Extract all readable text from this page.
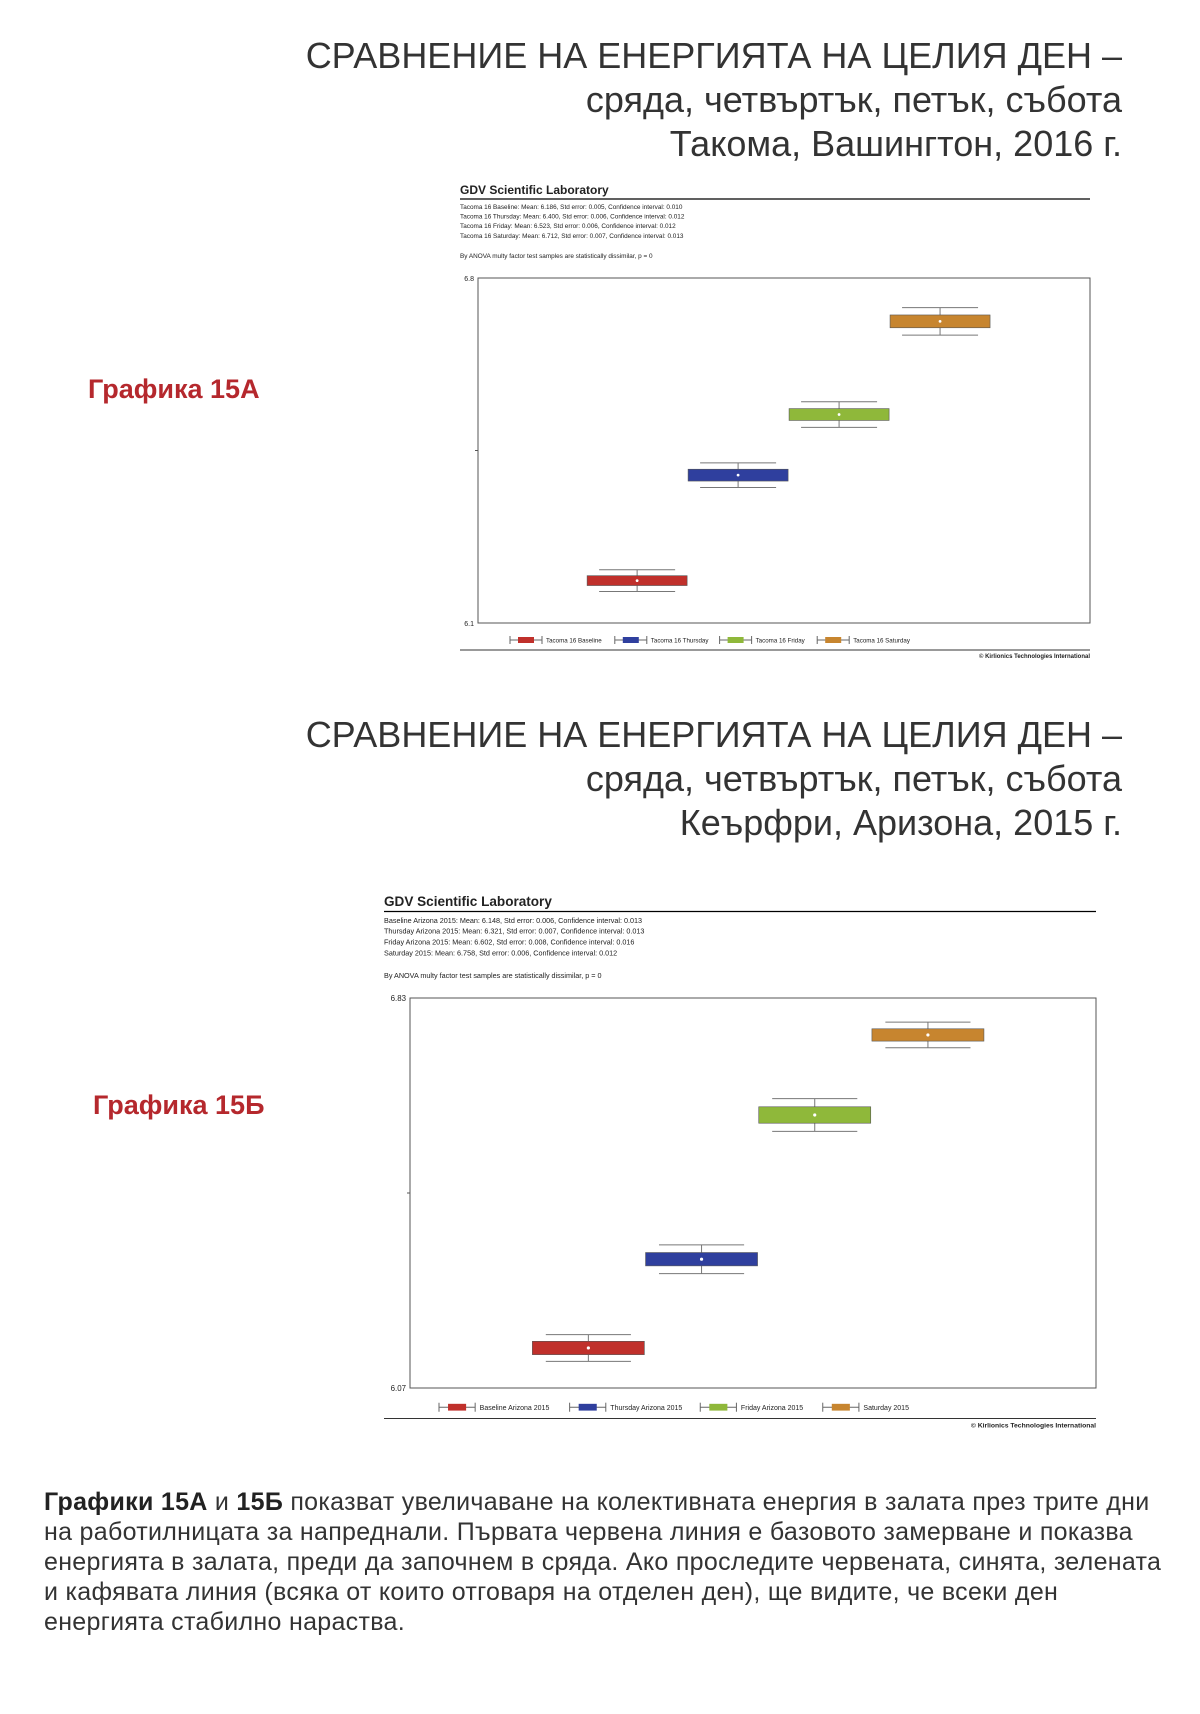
СРАВНЕНИЕ НА ЕНЕРГИЯТА НА ЦЕЛИЯ ДЕН –
сряда, четвъртък, петък, събота
Такома, Вашингтон, 2016 г.
Графика 15А
GDV Scientific Laboratory
Tacoma 16 Baseline: Mean: 6.186, Std error: 0.005, Confidence interval: 0.010
Tacoma 16 Thursday: Mean: 6.400, Std error: 0.006, Confidence interval: 0.012
Tacoma 16 Friday: Mean: 6.523, Std error: 0.006, Confidence interval: 0.012
Tacoma 16 Saturday: Mean: 6.712, Std error: 0.007, Confidence interval: 0.013
By ANOVA multy factor test samples are statistically dissimilar, p = 0
6.8
6.1
Tacoma 16 Baseline	Tacoma 16 Thursday	Tacoma 16 Friday	Tacoma 16 Saturday
© Kirlionics Technologies International
СРАВНЕНИЕ НА ЕНЕРГИЯТА НА ЦЕЛИЯ ДЕН –
сряда, четвъртък, петък, събота
Кеърфри, Аризона, 2015 г.
Графика 15Б
GDV Scientific Laboratory
Baseline Arizona 2015: Mean: 6.148, Std error: 0.006, Confidence interval: 0.013
Thursday Arizona 2015: Mean: 6.321, Std error: 0.007, Confidence interval: 0.013
Friday Arizona 2015: Mean: 6.602, Std error: 0.008, Confidence interval: 0.016
Saturday 2015: Mean: 6.758, Std error: 0.006, Confidence interval: 0.012
By ANOVA multy factor test samples are statistically dissimilar, p = 0
6.83
6.07
Baseline Arizona 2015	Thursday Arizona 2015	Friday Arizona 2015	Saturday 2015
© Kirlionics Technologies International
Графики 15А и 15Б показват увеличаване на колективната енергия в залата през трите дни на работилницата за напреднали. Първата червена линия е базовото замерване и показва енергията в залата, преди да започнем в сряда. Ако проследите червената, синята, зелената и кафявата линия (всяка от които отговаря на отделен ден), ще видите, че всеки ден енергията стабилно нараства.
